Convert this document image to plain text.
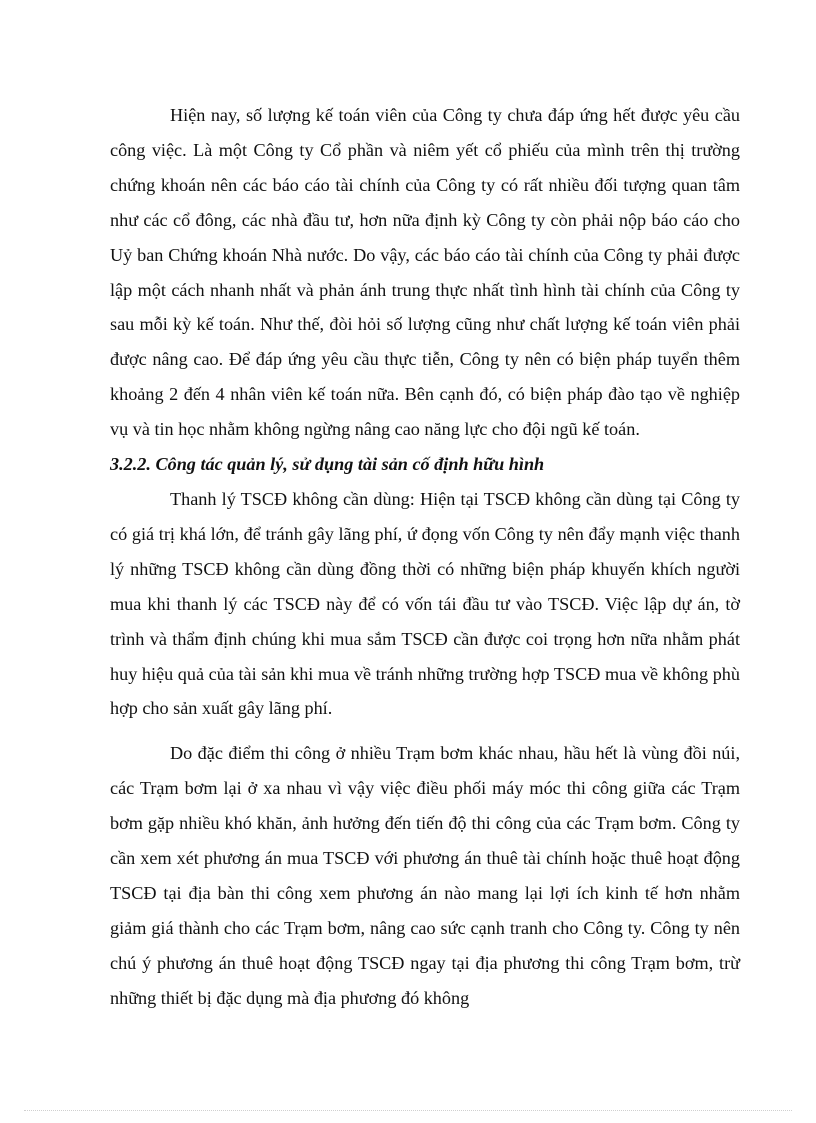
Hiện nay, số lượng kế toán viên của Công ty chưa đáp ứng hết được yêu cầu công việc. Là một Công ty Cổ phần và niêm yết cổ phiếu của mình trên thị trường chứng khoán nên các báo cáo tài chính của Công ty có rất nhiều đối tượng quan tâm như các cổ đông, các nhà đầu tư, hơn nữa định kỳ Công ty còn phải nộp báo cáo cho Uỷ ban Chứng khoán Nhà nước. Do vậy, các báo cáo tài chính của Công ty phải được lập một cách nhanh nhất và phản ánh trung thực nhất tình hình tài chính của Công ty sau mỗi kỳ kế toán. Như thế, đòi hỏi số lượng cũng như chất lượng kế toán viên phải được nâng cao. Để đáp ứng yêu cầu thực tiễn, Công ty nên có biện pháp tuyển thêm khoảng 2 đến 4 nhân viên kế toán nữa. Bên cạnh đó, có biện pháp đào tạo về nghiệp vụ và tin học nhằm không ngừng nâng cao năng lực cho đội ngũ kế toán.

3.2.2. Công tác quản lý, sử dụng tài sản cố định hữu hình

Thanh lý TSCĐ không cần dùng: Hiện tại TSCĐ không cần dùng tại Công ty có giá trị khá lớn, để tránh gây lãng phí, ứ đọng vốn Công ty nên đẩy mạnh việc thanh lý những TSCĐ không cần dùng đồng thời có những biện pháp khuyến khích người mua khi thanh lý các TSCĐ này để có vốn tái đầu tư vào TSCĐ. Việc lập dự án, tờ trình và thẩm định chúng khi mua sắm TSCĐ cần được coi trọng hơn nữa nhằm phát huy hiệu quả của tài sản khi mua về tránh những trường hợp TSCĐ mua về không phù hợp cho sản xuất gây lãng phí.

Do đặc điểm thi công ở nhiều Trạm bơm khác nhau, hầu hết là vùng đồi núi, các Trạm bơm lại ở xa nhau vì vậy việc điều phối máy móc thi công giữa các Trạm bơm gặp nhiều khó khăn, ảnh hưởng đến tiến độ thi công của các Trạm bơm. Công ty cần xem xét phương án mua TSCĐ với phương án thuê tài chính hoặc thuê hoạt động TSCĐ tại địa bàn thi công xem phương án nào mang lại lợi ích kinh tế hơn nhằm giảm giá thành cho các Trạm bơm, nâng cao sức cạnh tranh cho Công ty. Công ty nên chú ý phương án thuê hoạt động TSCĐ ngay tại địa phương thi công Trạm bơm, trừ những thiết bị đặc dụng mà địa phương đó không
